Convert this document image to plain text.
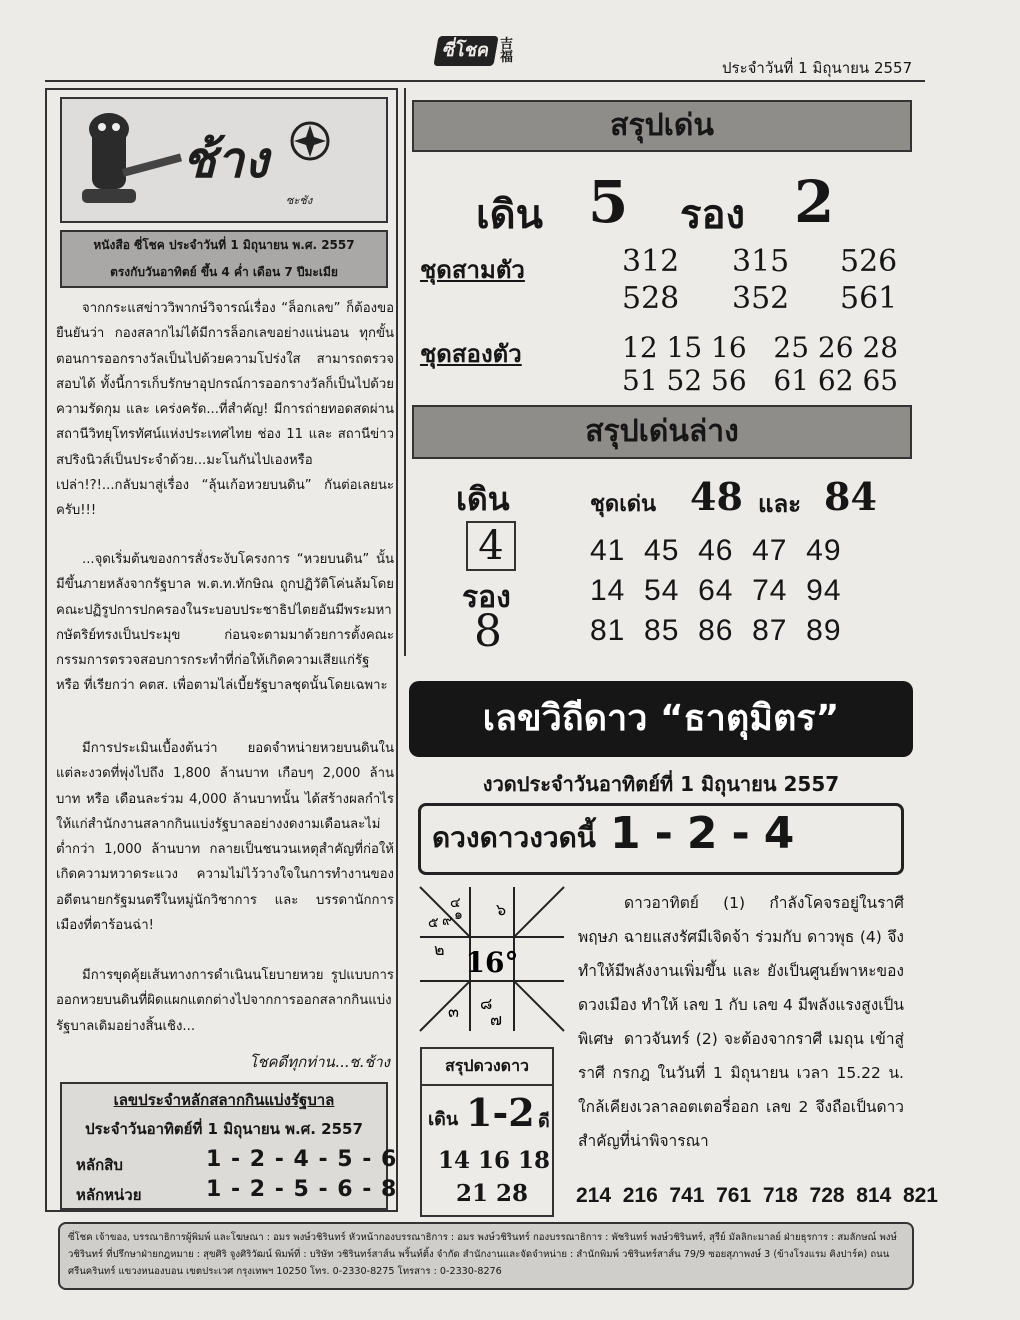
ซี่โชค 吉 福
ประจำวันที่ 1 มิถุนายน 2557
ช้าง
ซะชัง
หนังสือ ซี่โชค ประจำวันที่ 1 มิถุนายน พ.ศ. 2557
ตรงกับวันอาทิตย์ ขึ้น 4 ค่ำ เดือน 7 ปีมะเมีย
จากกระแสข่าววิพากษ์วิจารณ์เรื่อง “ล็อกเลข” ก็ต้องขอยืนยันว่า กองสลากไม่ได้มีการล็อกเลขอย่างแน่นอน ทุกขั้นตอนการออกรางวัลเป็นไปด้วยความโปร่งใส สามารถตรวจสอบได้ ทั้งนี้การเก็บรักษาอุปกรณ์การออกรางวัลก็เป็นไปด้วยความรัดกุม และ เคร่งครัด...ที่สำคัญ! มีการถ่ายทอดสดผ่านสถานีวิทยุโทรทัศน์แห่งประเทศไทย ช่อง 11 และ สถานีข่าวสปริงนิวส์เป็นประจำด้วย...มะโนกันไปเองหรือเปล่า!?!...กลับมาสู่เรื่อง “ลุ้นเก้อหวยบนดิน” กันต่อเลยนะครับ!!!
...จุดเริ่มต้นของการสั่งระงับโครงการ “หวยบนดิน” นั้นมีขึ้นภายหลังจากรัฐบาล พ.ต.ท.ทักษิณ ถูกปฏิวัติโค่นล้มโดยคณะปฏิรูปการปกครองในระบอบประชาธิปไตยอันมีพระมหากษัตริย์ทรงเป็นประมุข ก่อนจะตามมาด้วยการตั้งคณะกรรมการตรวจสอบการกระทำที่ก่อให้เกิดความเสียแก่รัฐ หรือ ที่เรียกว่า คตส. เพื่อตามไล่เบี้ยรัฐบาลชุดนั้นโดยเฉพาะ
มีการประเมินเบื้องต้นว่า ยอดจำหน่ายหวยบนดินในแต่ละงวดที่พุ่งไปถึง 1,800 ล้านบาท เกือบๆ 2,000 ล้านบาท หรือ เดือนละร่วม 4,000 ล้านบาทนั้น ได้สร้างผลกำไรให้แก่สำนักงานสลากกินแบ่งรัฐบาลอย่างงดงามเดือนละไม่ต่ำกว่า 1,000 ล้านบาท กลายเป็นชนวนเหตุสำคัญที่ก่อให้เกิดความหวาดระแวง ความไม่ไว้วางใจในการทำงานของอดีตนายกรัฐมนตรีในหมู่นักวิชาการ และ บรรดานักการเมืองที่ตาร้อนฉ่า!
มีการขุดคุ้ยเส้นทางการดำเนินนโยบายหวย รูปแบบการออกหวยบนดินที่ผิดแผกแตกต่างไปจากการออกสลากกินแบ่งรัฐบาลเดิมอย่างสิ้นเชิง...
โชคดีทุกท่าน...ช.ช้าง
เลขประจำหลักสลากกินแบ่งรัฐบาล
ประจำวันอาทิตย์ที่ 1 มิถุนายน พ.ศ. 2557
หลักสิบ	1 - 2 - 4 - 5 - 6
หลักหน่วย	1 - 2 - 5 - 6 - 8
สรุปเด่น
เดิน 5 รอง 2
ชุดสามตัว	312 315 526
528 352 561
ชุดสองตัว	12 15 16   25 26 28
51 52 56   61 62 65
สรุปเด่นล่าง
เดิน
4
รอง
8
ชุดเด่น 48 และ 84
41  45  46  47  49
14  54  64  74  94
81  85  86  87  89
เลขวิถีดาว “ธาตุมิตร”
งวดประจำวันอาทิตย์ที่ 1 มิถุนายน 2557
ดวงดาวงวดนี้ 1-2-4
16°
๖
๔
๕ ๙ ๑
๒
๘
๗
๓
สรุปดวงดาว
เดิน 1-2 ดี
14 16 18
21 28
ดาวอาทิตย์ (1) กำลังโคจรอยู่ในราศี พฤษภ ฉายแสงรัศมีเจิดจ้า ร่วมกับ ดาวพุธ (4) จึงทำให้มีพลังงานเพิ่มขึ้น และ ยังเป็นศูนย์พาหะของดวงเมือง ทำให้ เลข 1 กับ เลข 4 มีพลังแรงสูงเป็นพิเศษ ดาวจันทร์ (2) จะต้องจากราศี เมถุน เข้าสู่ราศี กรกฎ ในวันที่ 1 มิถุนายน เวลา 15.22 น. ใกล้เคียงเวลาลอตเตอรี่ออก เลข 2 จึงถือเป็นดาวสำคัญที่น่าพิจารณา
214  216  741  761  718  728  814  821
ซี่โชค เจ้าของ, บรรณาธิการผู้พิมพ์ และโฆษณา : อมร พงษ์วชิรินทร์ หัวหน้ากองบรรณาธิการ : อมร พงษ์วชิรินทร์ กองบรรณาธิการ : พัชรินทร์ พงษ์วชิรินทร์, สุรีย์ มัลลิกะมาลย์ ฝ่ายธุรการ : สมลักษณ์ พงษ์วชิรินทร์ ที่ปรึกษาฝ่ายกฎหมาย : สุขศิริ จูงศิริวัฒน์ พิมพ์ที่ : บริษัท วชิรินทร์สาส์น พริ้นท์ติ้ง จำกัด สำนักงานและจัดจำหน่าย : สำนักพิมพ์ วชิรินทร์สาส์น 79/9 ซอยสุภาพงษ์ 3 (ข้างโรงแรม คิงปาร์ค) ถนนศรีนครินทร์ แขวงหนองบอน เขตประเวศ กรุงเทพฯ 10250 โทร. 0-2330-8275 โทรสาร : 0-2330-8276
